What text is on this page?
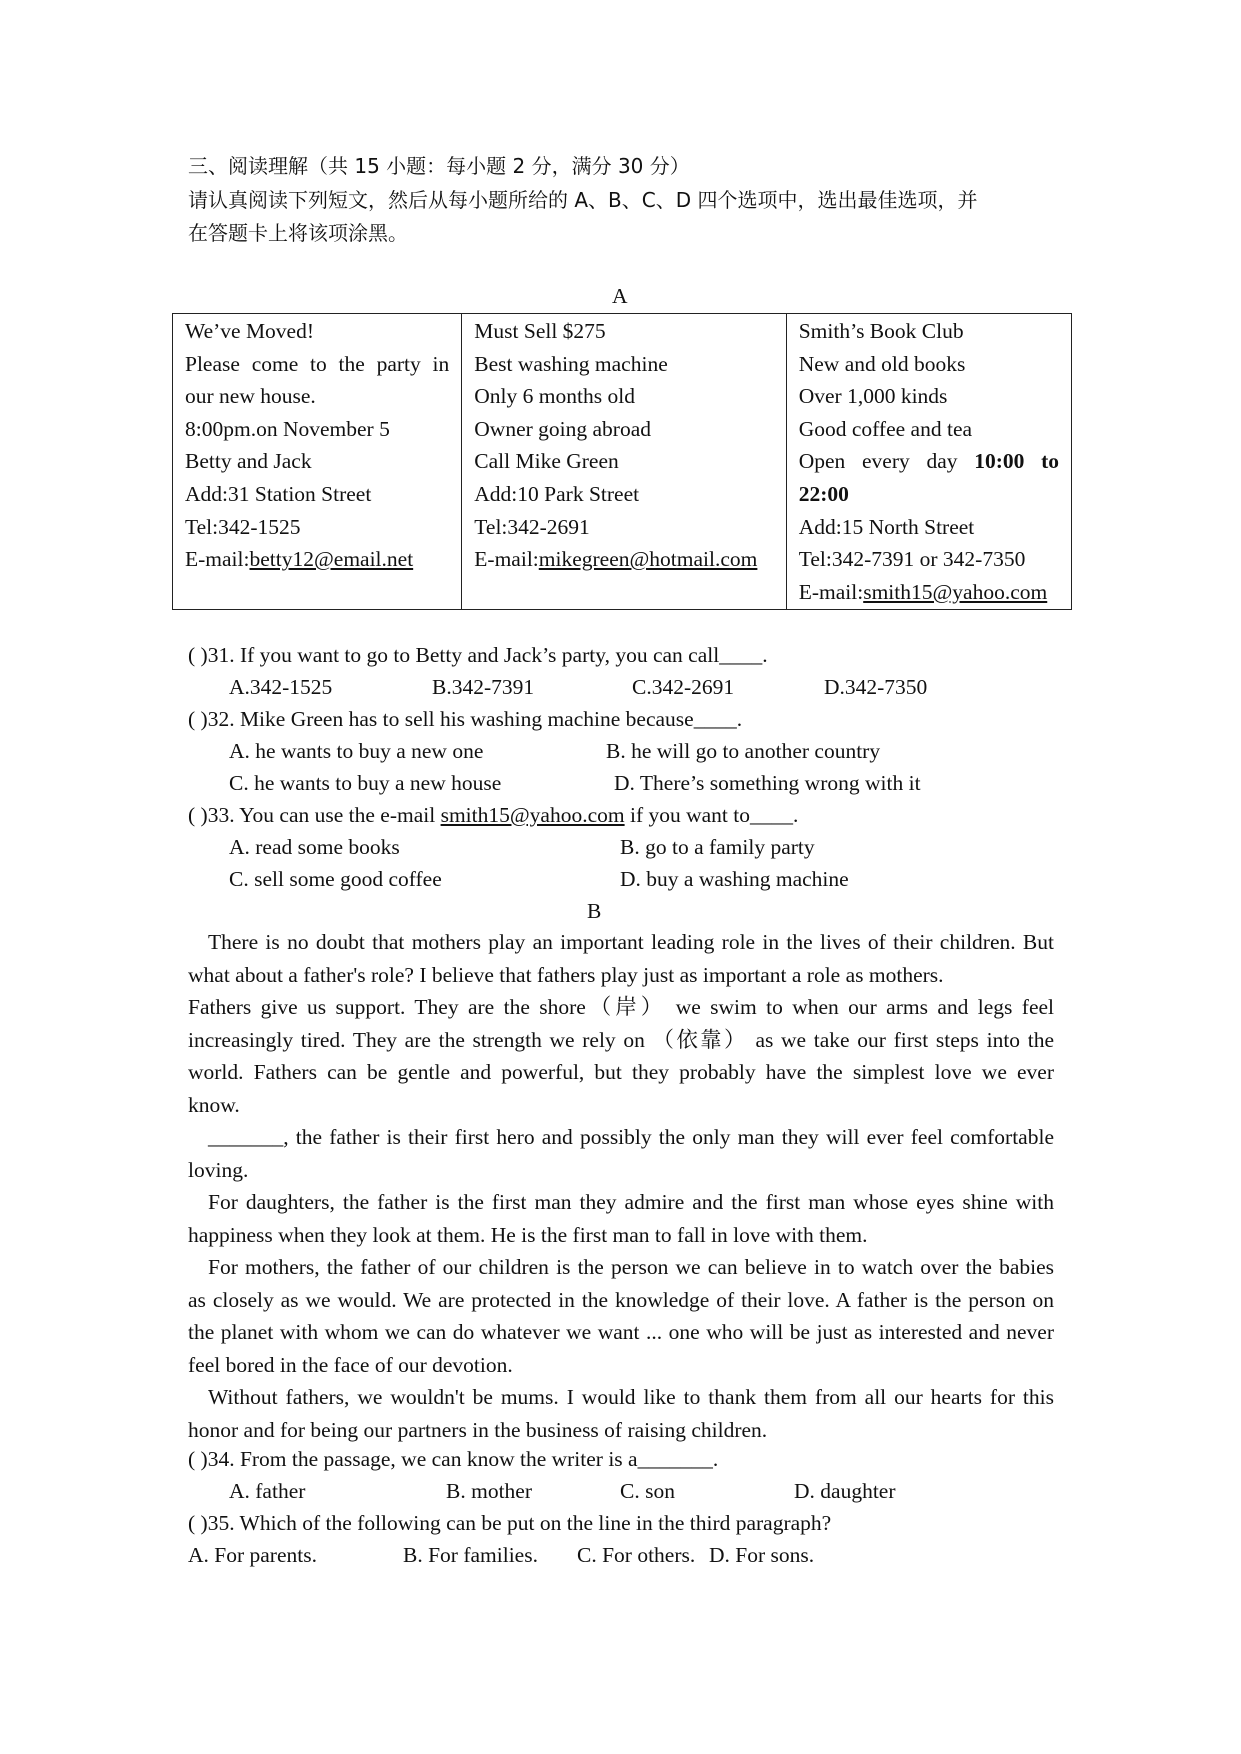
三、阅读理解（共 15 小题：每小题 2 分，满分 30 分）
请认真阅读下列短文，然后从每小题所给的 A、B、C、D 四个选项中，选出最佳选项，并
在答题卡上将该项涂黑。
A
We’ve Moved!
Please come to the party in
our new house.
8:00pm.on November 5
Betty and Jack
Add:31 Station Street
Tel:342-1525
E-mail:betty12@email.net

Must Sell $275
Best washing machine
Only 6 months old
Owner going abroad
Call Mike Green
Add:10 Park Street
Tel:342-2691
E-mail:mikegreen@hotmail.com

Smith’s Book Club
New and old books
Over 1,000 kinds
Good coffee and tea
Open every day 10:00 to
22:00
Add:15 North Street
Tel:342-7391 or 342-7350
E-mail:smith15@yahoo.com
( )31. If you want to go to Betty and Jack’s party, you can call____.
A.342-1525	B.342-7391	C.342-2691	D.342-7350
( )32. Mike Green has to sell his washing machine because____.
A. he wants to buy a new one	B. he will go to another country
C. he wants to buy a new house	D. There’s something wrong with it
( )33. You can use the e-mail smith15@yahoo.com if you want to____.
A. read some books	B. go to a family party
C. sell some good coffee	D. buy a washing machine
B
There is no doubt that mothers play an important leading role in the lives of their children. But
what about a father's role? I believe that fathers play just as important a role as mothers.
Fathers give us support. They are the shore（岸） we swim to when our arms and legs feel
increasingly tired. They are the strength we rely on （依靠） as we take our first steps into the
world. Fathers can be gentle and powerful, but they probably have the simplest love we ever
know.
_______, the father is their first hero and possibly the only man they will ever feel comfortable
loving.
For daughters, the father is the first man they admire and the first man whose eyes shine with
happiness when they look at them. He is the first man to fall in love with them.
For mothers, the father of our children is the person we can believe in to watch over the babies
as closely as we would. We are protected in the knowledge of their love. A father is the person on
the planet with whom we can do whatever we want ... one who will be just as interested and never
feel bored in the face of our devotion.
Without fathers, we wouldn't be mums. I would like to thank them from all our hearts for this
honor and for being our partners in the business of raising children.
( )34. From the passage, we can know the writer is a_______.
A. father	B. mother	C. son	D. daughter
( )35. Which of the following can be put on the line in the third paragraph?
A. For parents.	B. For families. C. For others. D. For sons.
